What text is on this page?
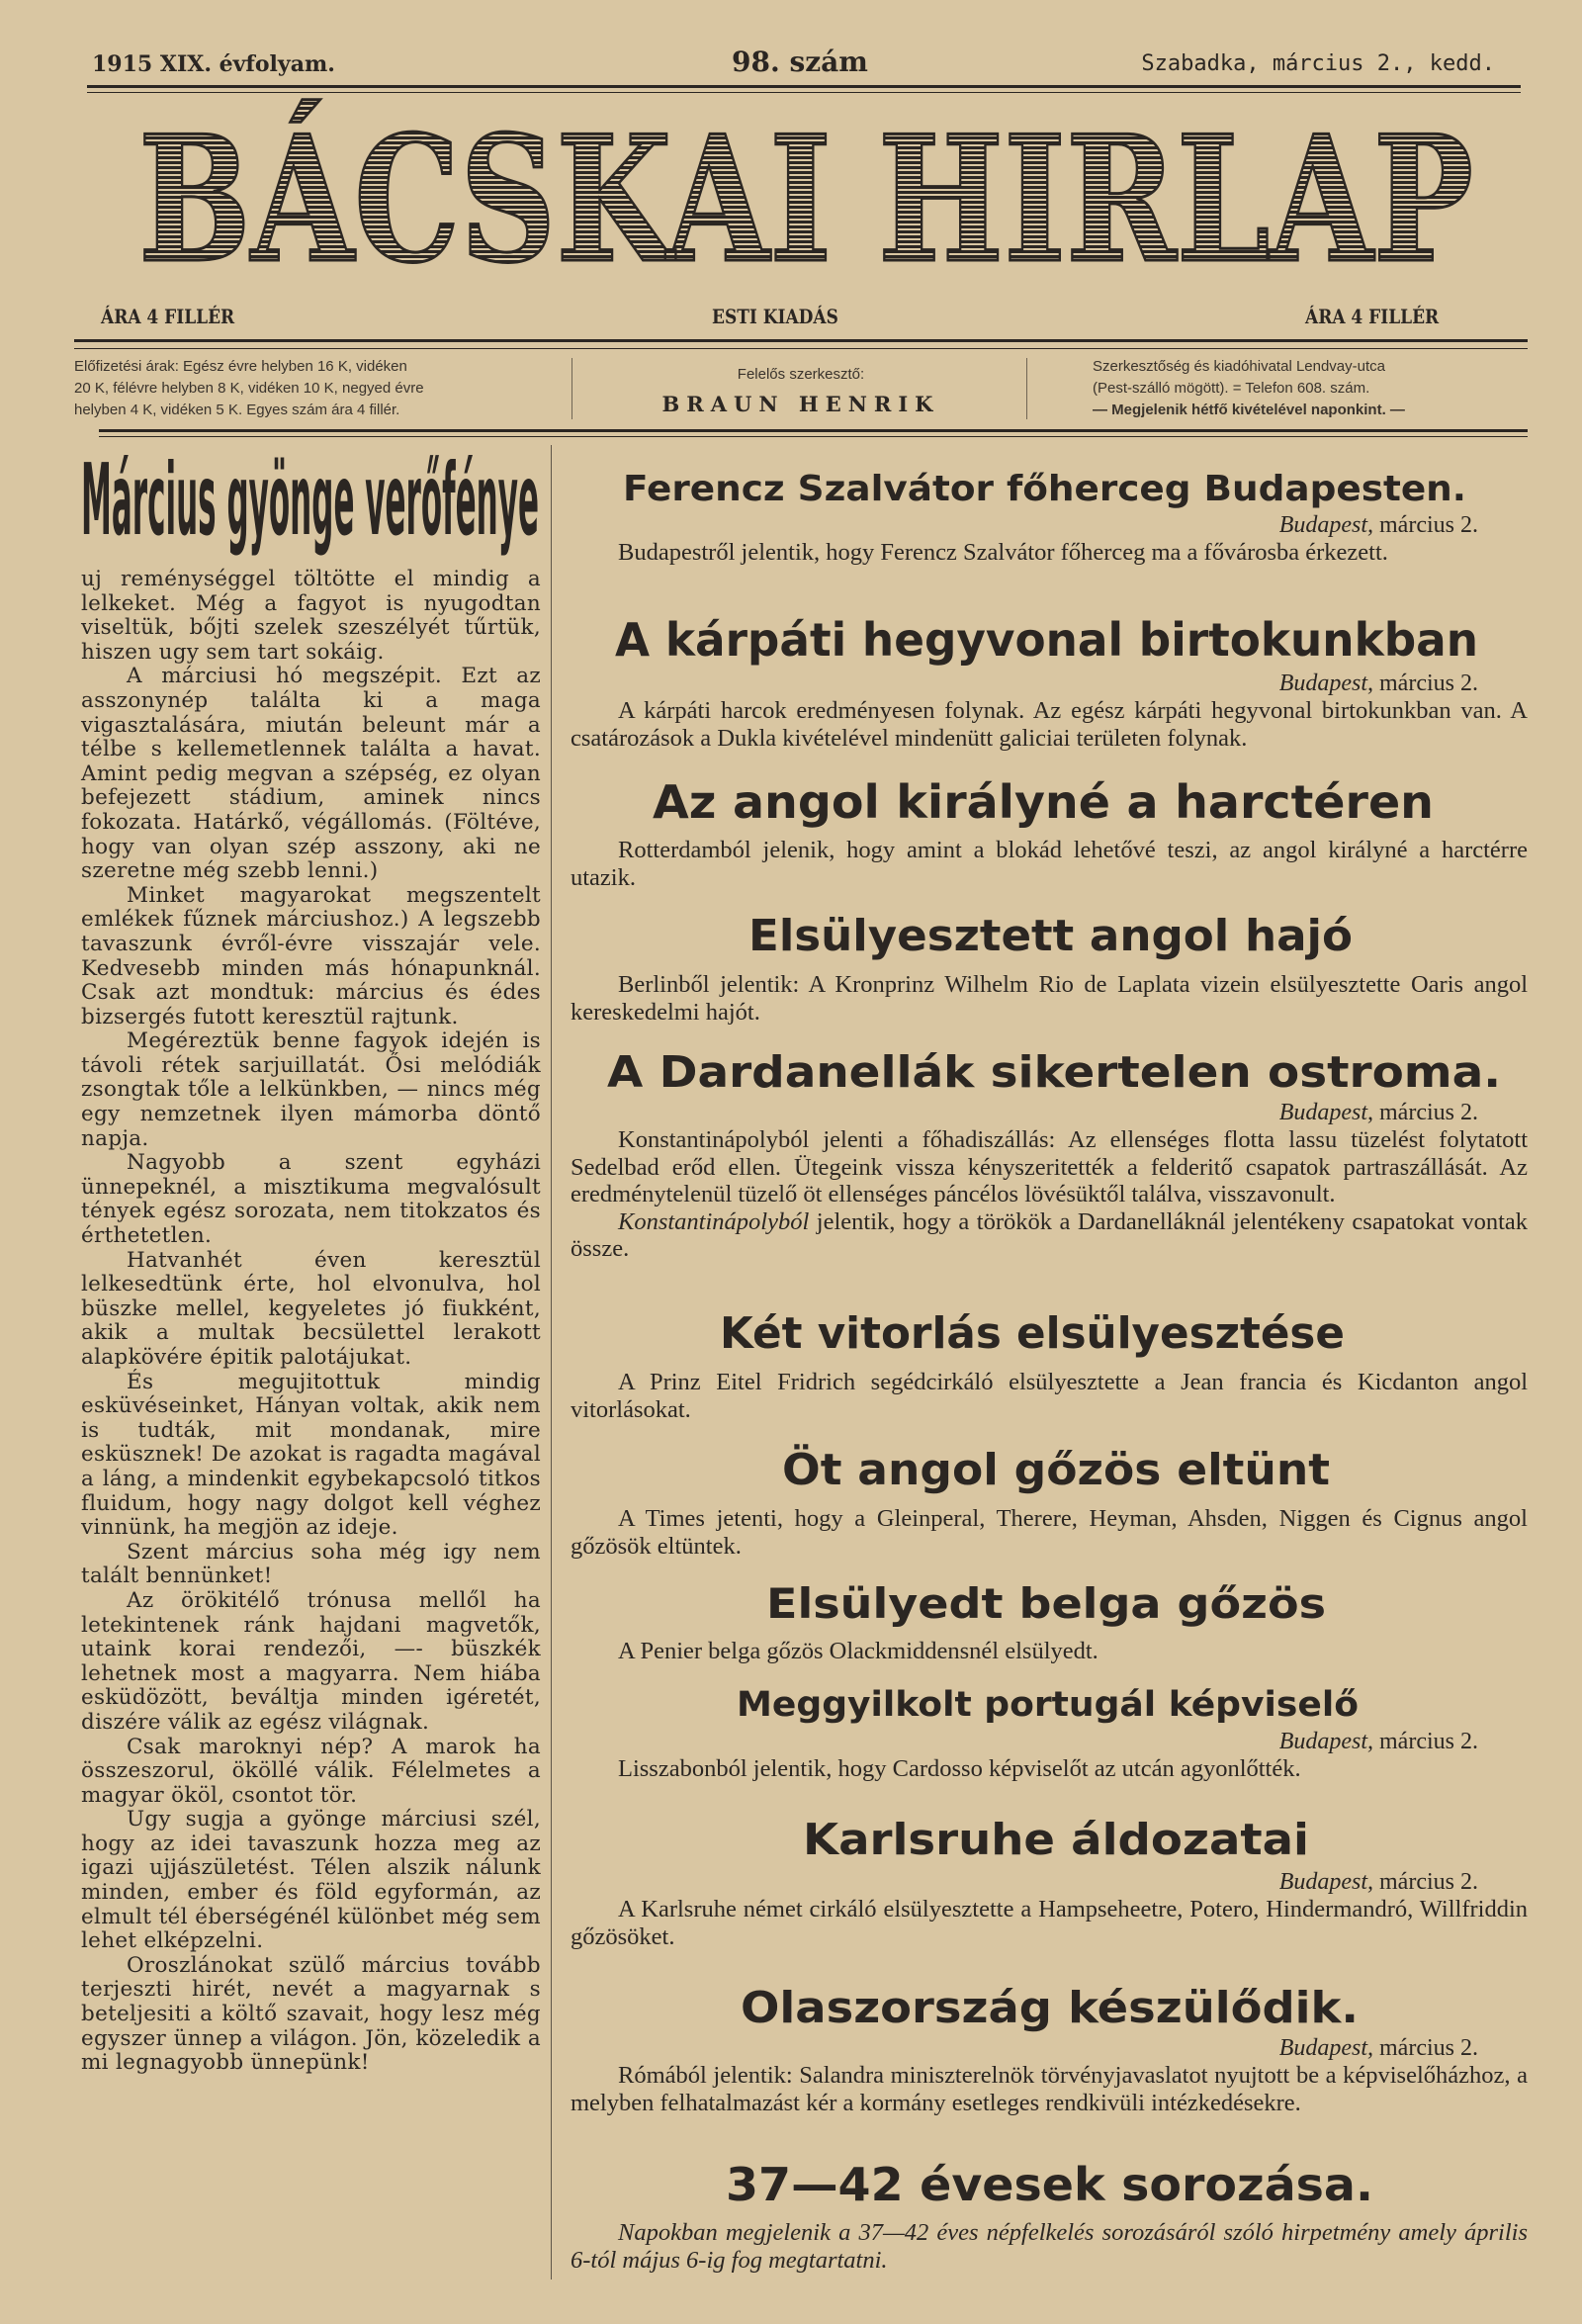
1915 XIX. évfolyam.	98. szám	Szabadka, március 2., kedd.
BÁCSKAI HIRLAP
ÁRA 4 FILLÉR	ESTI KIADÁS	ÁRA 4 FILLÉR
Előfizetési árak: Egész évre helyben 16 K, vidéken
20 K, félévre helyben 8 K, vidéken 10 K, negyed évre
helyben 4 K, vidéken 5 K. Egyes szám ára 4 fillér.
Felelős szerkesztő:
BRAUN HENRIK
Szerkesztőség és kiadóhivatal Lendvay-utca
(Pest-szálló mögött). = Telefon 608. szám.
— Megjelenik hétfő kivételével naponkint. —
Március gyönge verőfénye

uj reménységgel töltötte el mindig a lelkeket. Még a fagyot is nyugodtan viseltük, bőjti szelek szeszélyét tűrtük, hiszen ugy sem tart sokáig.

A márciusi hó megszépit. Ezt az asszonynép találta ki a maga vigasztalására, miután beleunt már a télbe s kellemetlennek találta a havat. Amint pedig megvan a szépség, ez olyan befejezett stádium, aminek nincs fokozata. Határkő, végállomás. (Föltéve, hogy van olyan szép asszony, aki ne szeretne még szebb lenni.)

Minket magyarokat megszentelt emlékek fűznek márciushoz.) A legszebb tavaszunk évről-évre visszajár vele. Kedvesebb minden más hónapunknál. Csak azt mondtuk: március és édes bizsergés futott keresztül rajtunk.

Megéreztük benne fagyok idején is távoli rétek sarjuillatát. Ősi melódiák zsongtak tőle a lelkünkben, — nincs még egy nemzetnek ilyen mámorba döntő napja.

Nagyobb a szent egyházi ünnepeknél, a misztikuma megvalósult tények egész sorozata, nem titokzatos és érthetetlen.

Hatvanhét éven keresztül lelkesedtünk érte, hol elvonulva, hol büszke mellel, kegyeletes jó fiukként, akik a multak becsülettel lerakott alapkövére épitik palotájukat.

És megujitottuk mindig esküvéseinket, Hányan voltak, akik nem is tudták, mit mondanak, mire esküsznek! De azokat is ragadta magával a láng, a mindenkit egybekapcsoló titkos fluidum, hogy nagy dolgot kell véghez vinnünk, ha megjön az ideje.

Szent március soha még igy nem talált bennünket!

Az örökitélő trónusa mellől ha letekintenek ránk hajdani magvetők, utaink korai rendezői, —- büszkék lehetnek most a magyarra. Nem hiába esküdözött, beváltja minden igéretét, diszére válik az egész világnak.

Csak maroknyi nép? A marok ha összeszorul, ököllé válik. Félelmetes a magyar ököl, csontot tör.

Ugy sugja a gyönge márciusi szél, hogy az idei tavaszunk hozza meg az igazi ujjászületést. Télen alszik nálunk minden, ember és föld egyformán, az elmult tél éberségénél különbet még sem lehet elképzelni.

Oroszlánokat szülő március tovább terjeszti hirét, nevét a magyarnak s beteljesiti a költő szavait, hogy lesz még egyszer ünnep a világon. Jön, közeledik a mi legnagyobb ünnepünk!

Ferencz Szalvátor főherceg Budapesten.
Budapest, március 2.

Budapestről jelentik, hogy Ferencz Szalvátor főherceg ma a fővárosba érkezett.

A kárpáti hegyvonal birtokunkban
Budapest, március 2.

A kárpáti harcok eredményesen folynak. Az egész kárpáti hegyvonal birtokunkban van. A csatározások a Dukla kivételével mindenütt galiciai területen folynak.

Az angol királyné a harctéren

Rotterdamból jelenik, hogy amint a blokád lehetővé teszi, az angol királyné a harctérre utazik.

Elsülyesztett angol hajó

Berlinből jelentik: A Kronprinz Wilhelm Rio de Laplata vizein elsülyesztette Oaris angol kereskedelmi hajót.

A Dardanellák sikertelen ostroma.
Budapest, március 2.

Konstantinápolyból jelenti a főhadiszállás: Az ellenséges flotta lassu tüzelést folytatott Sedelbad erőd ellen. Ütegeink vissza kényszeritették a felderitő csapatok partraszállását. Az eredménytelenül tüzelő öt ellenséges páncélos lövésüktől találva, visszavonult.

Konstantinápolyból jelentik, hogy a törökök a Dardanelláknál jelentékeny csapatokat vontak össze.

Két vitorlás elsülyesztése

A Prinz Eitel Fridrich segédcirkáló elsülyesztette a Jean francia és Kicdanton angol vitorlásokat.

Öt angol gőzös eltünt

A Times jetenti, hogy a Gleinperal, Therere, Heyman, Ahsden, Niggen és Cignus angol gőzösök eltüntek.

Elsülyedt belga gőzös

A Penier belga gőzös Olackmiddensnél elsülyedt.

Meggyilkolt portugál képviselő
Budapest, március 2.

Lisszabonból jelentik, hogy Cardosso képviselőt az utcán agyonlőtték.

Karlsruhe áldozatai
Budapest, március 2.

A Karlsruhe német cirkáló elsülyesztette a Hampseheetre, Potero, Hindermandró, Willfriddin gőzösöket.

Olaszország készülődik.
Budapest, március 2.

Rómából jelentik: Salandra miniszterelnök törvényjavaslatot nyujtott be a képviselőházhoz, a melyben felhatalmazást kér a kormány esetleges rendkivüli intézkedésekre.

37—42 évesek sorozása.

Napokban megjelenik a 37—42 éves népfelkelés sorozásáról szóló hirpetmény amely április 6-tól május 6-ig fog megtartatni.
